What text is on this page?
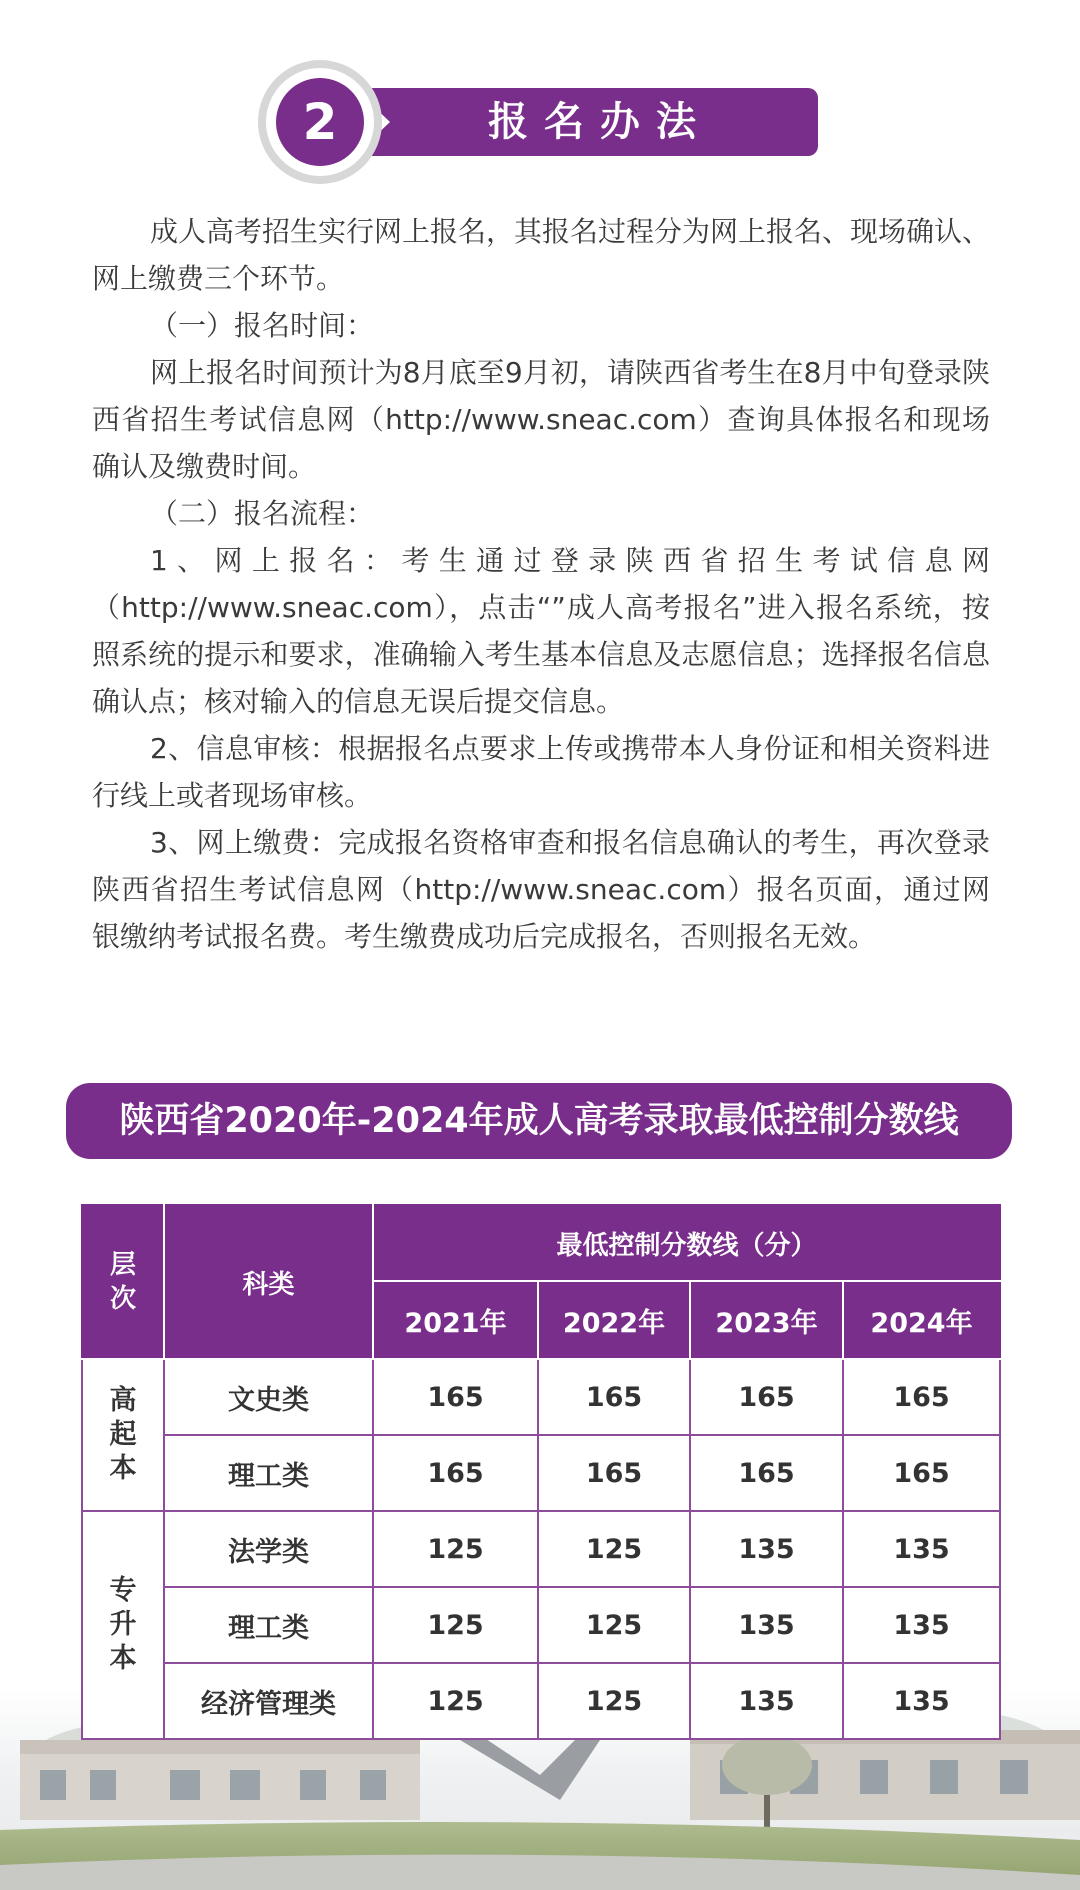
报名办法
2

成人高考招生实行网上报名，其报名过程分为网上报名、现场确认、网上缴费三个环节。

（一）报名时间：

网上报名时间预计为8月底至9月初，请陕西省考生在8月中旬登录陕西省招生考试信息网（http://www.sneac.com）查询具体报名和现场确认及缴费时间。

（二）报名流程：

1、网上报名：考生通过登录陕西省招生考试信息网（http://www.sneac.com），点击“”成人高考报名”进入报名系统，按照系统的提示和要求，准确输入考生基本信息及志愿信息；选择报名信息确认点；核对输入的信息无误后提交信息。

2、信息审核：根据报名点要求上传或携带本人身份证和相关资料进行线上或者现场审核。

3、网上缴费：完成报名资格审查和报名信息确认的考生，再次登录陕西省招生考试信息网（http://www.sneac.com）报名页面，通过网银缴纳考试报名费。考生缴费成功后完成报名，否则报名无效。

陕西省2020年-2024年成人高考录取最低控制分数线
层次	科类	最低控制分数线（分）			
		2021年	2022年	2023年	2024年
高起本	文史类	165	165	165	165
	理工类	165	165	165	165
专升本	法学类	125	125	135	135
	理工类	125	125	135	135
	经济管理类	125	125	135	135
